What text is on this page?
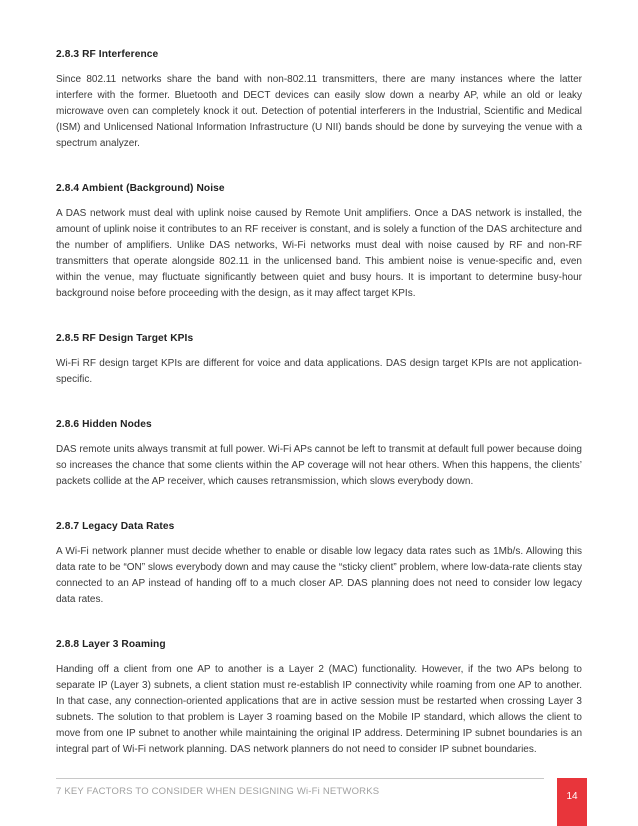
2.8.3 RF Interference

Since 802.11 networks share the band with non-802.11 transmitters, there are many instances where the latter interfere with the former. Bluetooth and DECT devices can easily slow down a nearby AP, while an old or leaky microwave oven can completely knock it out. Detection of potential interferers in the Industrial, Scientific and Medical (ISM) and Unlicensed National Information Infrastructure (U NII) bands should be done by surveying the venue with a spectrum analyzer.

2.8.4 Ambient (Background) Noise

A DAS network must deal with uplink noise caused by Remote Unit amplifiers. Once a DAS network is installed, the amount of uplink noise it contributes to an RF receiver is constant, and is solely a function of the DAS architecture and the number of amplifiers. Unlike DAS networks, Wi-Fi networks must deal with noise caused by RF and non-RF transmitters that operate alongside 802.11 in the unlicensed band. This ambient noise is venue-specific and, even within the venue, may fluctuate significantly between quiet and busy hours. It is important to determine busy-hour background noise before proceeding with the design, as it may affect target KPIs.

2.8.5 RF Design Target KPIs

Wi-Fi RF design target KPIs are different for voice and data applications. DAS design target KPIs are not application-specific.

2.8.6 Hidden Nodes

DAS remote units always transmit at full power. Wi-Fi APs cannot be left to transmit at default full power because doing so increases the chance that some clients within the AP coverage will not hear others. When this happens, the clients’ packets collide at the AP receiver, which causes retransmission, which slows everybody down.

2.8.7 Legacy Data Rates

A Wi-Fi network planner must decide whether to enable or disable low legacy data rates such as 1Mb/s. Allowing this data rate to be “ON” slows everybody down and may cause the “sticky client” problem, where low-data-rate clients stay connected to an AP instead of handing off to a much closer AP. DAS planning does not need to consider low legacy data rates.

2.8.8 Layer 3 Roaming

Handing off a client from one AP to another is a Layer 2 (MAC) functionality. However, if the two APs belong to separate IP (Layer 3) subnets, a client station must re-establish IP connectivity while roaming from one AP to another. In that case, any connection-oriented applications that are in active session must be restarted when crossing Layer 3 subnets. The solution to that problem is Layer 3 roaming based on the Mobile IP standard, which allows the client to move from one IP subnet to another while maintaining the original IP address. Determining IP subnet boundaries is an integral part of Wi-Fi network planning. DAS network planners do not need to consider IP subnet boundaries.

7 KEY FACTORS TO CONSIDER WHEN DESIGNING Wi-Fi NETWORKS	14
